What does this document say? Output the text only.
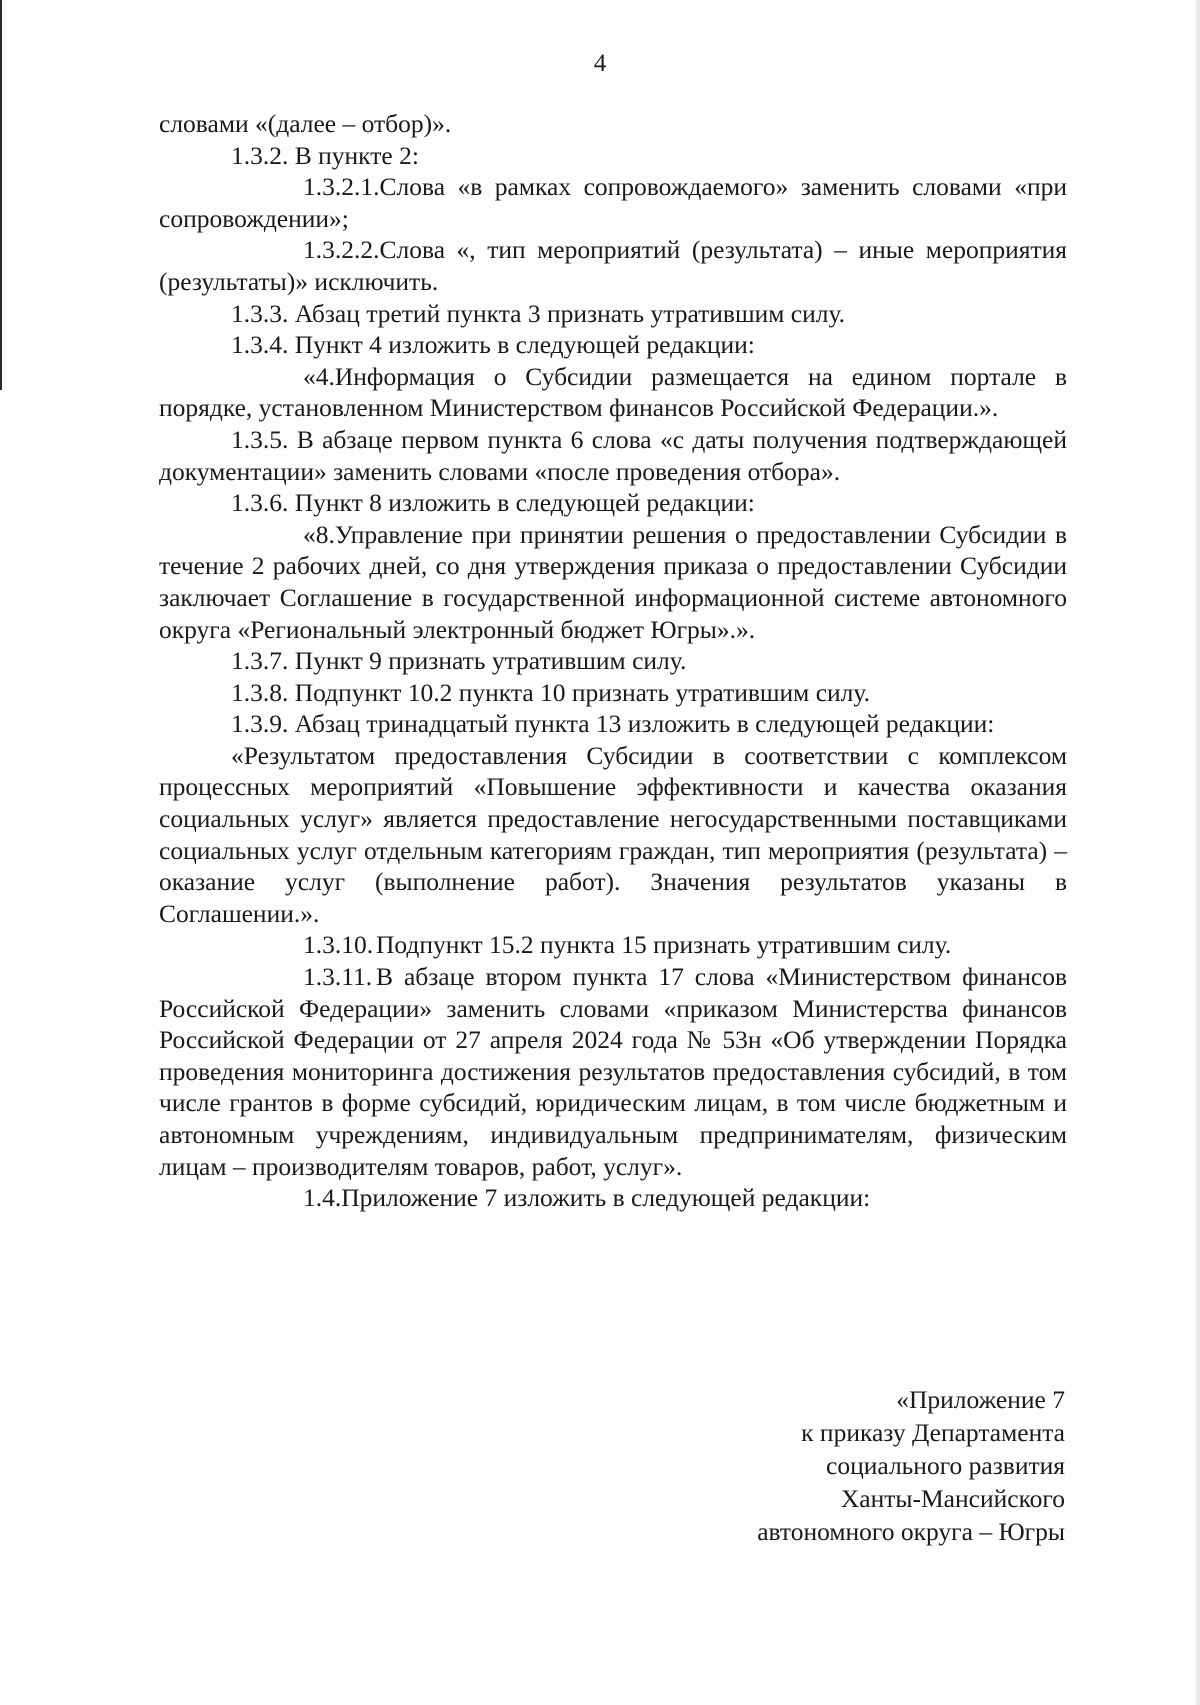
4

словами «(далее – отбор)».

1.3.2. В пункте 2:

1.3.2.1.Слова «в рамках сопровождаемого» заменить словами «при сопровождении»;

1.3.2.2.Слова «, тип мероприятий (результата) – иные мероприятия (результаты)» исключить.

1.3.3. Абзац третий пункта 3 признать утратившим силу.

1.3.4. Пункт 4 изложить в следующей редакции:

«4.Информация о Субсидии размещается на едином портале в порядке, установленном Министерством финансов Российской Федерации.».

1.3.5. В абзаце первом пункта 6 слова «с даты получения подтверждающей документации» заменить словами «после проведения отбора».

1.3.6. Пункт 8 изложить в следующей редакции:

«8.Управление при принятии решения о предоставлении Субсидии в течение 2 рабочих дней, со дня утверждения приказа о предоставлении Субсидии заключает Соглашение в государственной информационной системе автономного округа «Региональный электронный бюджет Югры».».

1.3.7. Пункт 9 признать утратившим силу.

1.3.8. Подпункт 10.2 пункта 10 признать утратившим силу.

1.3.9. Абзац тринадцатый пункта 13 изложить в следующей редакции:

«Результатом предоставления Субсидии в соответствии с комплексом процессных мероприятий «Повышение эффективности и качества оказания социальных услуг» является предоставление негосударственными поставщиками социальных услуг отдельным категориям граждан, тип мероприятия (результата) – оказание услуг (выполнение работ). Значения результатов указаны в Соглашении.».

1.3.10. Подпункт 15.2 пункта 15 признать утратившим силу.

1.3.11. В абзаце втором пункта 17 слова «Министерством финансов Российской Федерации» заменить словами «приказом Министерства финансов Российской Федерации от 27 апреля 2024 года № 53н «Об утверждении Порядка проведения мониторинга достижения результатов предоставления субсидий, в том числе грантов в форме субсидий, юридическим лицам, в том числе бюджетным и автономным учреждениям, индивидуальным предпринимателям, физическим лицам – производителям товаров, работ, услуг».

1.4.Приложение 7 изложить в следующей редакции:

«Приложение 7
к приказу Департамента
социального развития
Ханты-Мансийского
автономного округа – Югры
